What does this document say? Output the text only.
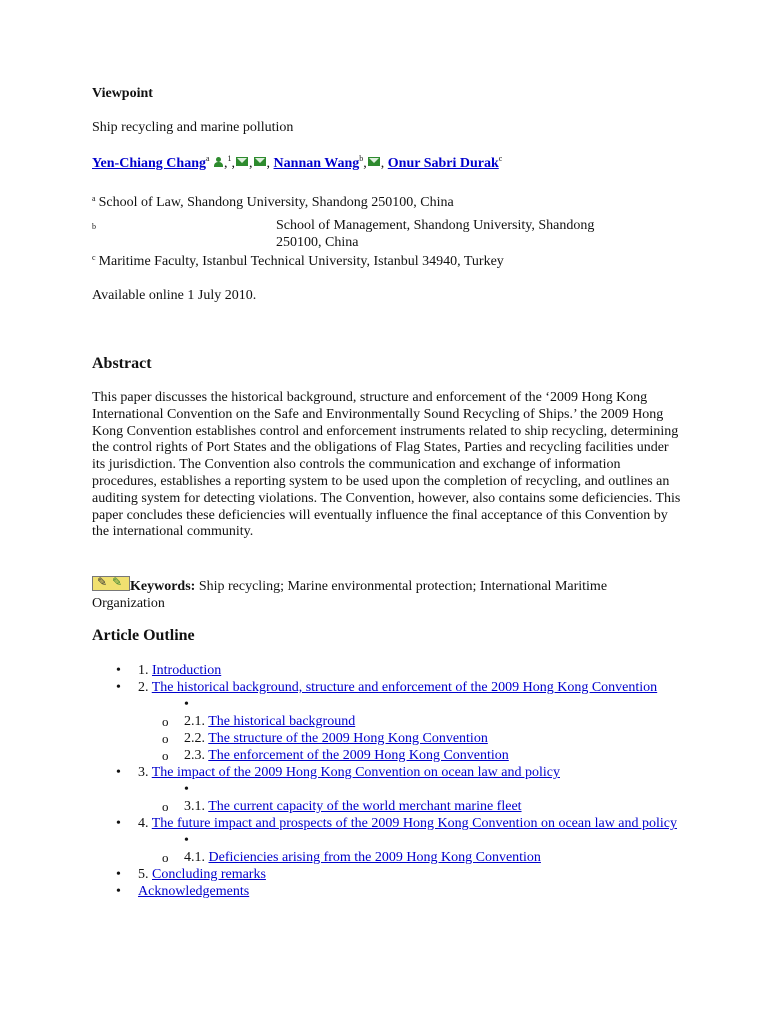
Viewpoint
Ship recycling and marine pollution
Yen-Chiang Chang$^a$ ,$^1$, , , Nannan Wang$^b$, , Onur Sabri Durak$^c$
$^a$ School of Law, Shandong University, Shandong 250100, China
$^b$	School of Management, Shandong University, Shandong 250100, China
$^c$ Maritime Faculty, Istanbul Technical University, Istanbul 34940, Turkey
Available online 1 July 2010.
Abstract
This paper discusses the historical background, structure and enforcement of the ‘2009 Hong Kong International Convention on the Safe and Environmentally Sound Recycling of Ships.’ the 2009 Hong Kong Convention establishes control and enforcement instruments related to ship recycling, determining the control rights of Port States and the obligations of Flag States, Parties and recycling facilities under its jurisdiction. The Convention also controls the communication and exchange of information procedures, establishes a reporting system to be used upon the completion of recycling, and outlines an auditing system for detecting violations. The Convention, however, also contains some deficiencies. This paper concludes these deficiencies will eventually influence the final acceptance of this Convention by the international community.
✎ ✎Keywords: Ship recycling; Marine environmental protection; International Maritime Organization
Article Outline
• 1. Introduction
• 2. The historical background, structure and enforcement of the 2009 Hong Kong Convention
•
o 2.1. The historical background
o 2.2. The structure of the 2009 Hong Kong Convention
o 2.3. The enforcement of the 2009 Hong Kong Convention
• 3. The impact of the 2009 Hong Kong Convention on ocean law and policy
•
o 3.1. The current capacity of the world merchant marine fleet
• 4. The future impact and prospects of the 2009 Hong Kong Convention on ocean law and policy
•
o 4.1. Deficiencies arising from the 2009 Hong Kong Convention
• 5. Concluding remarks
• Acknowledgements
